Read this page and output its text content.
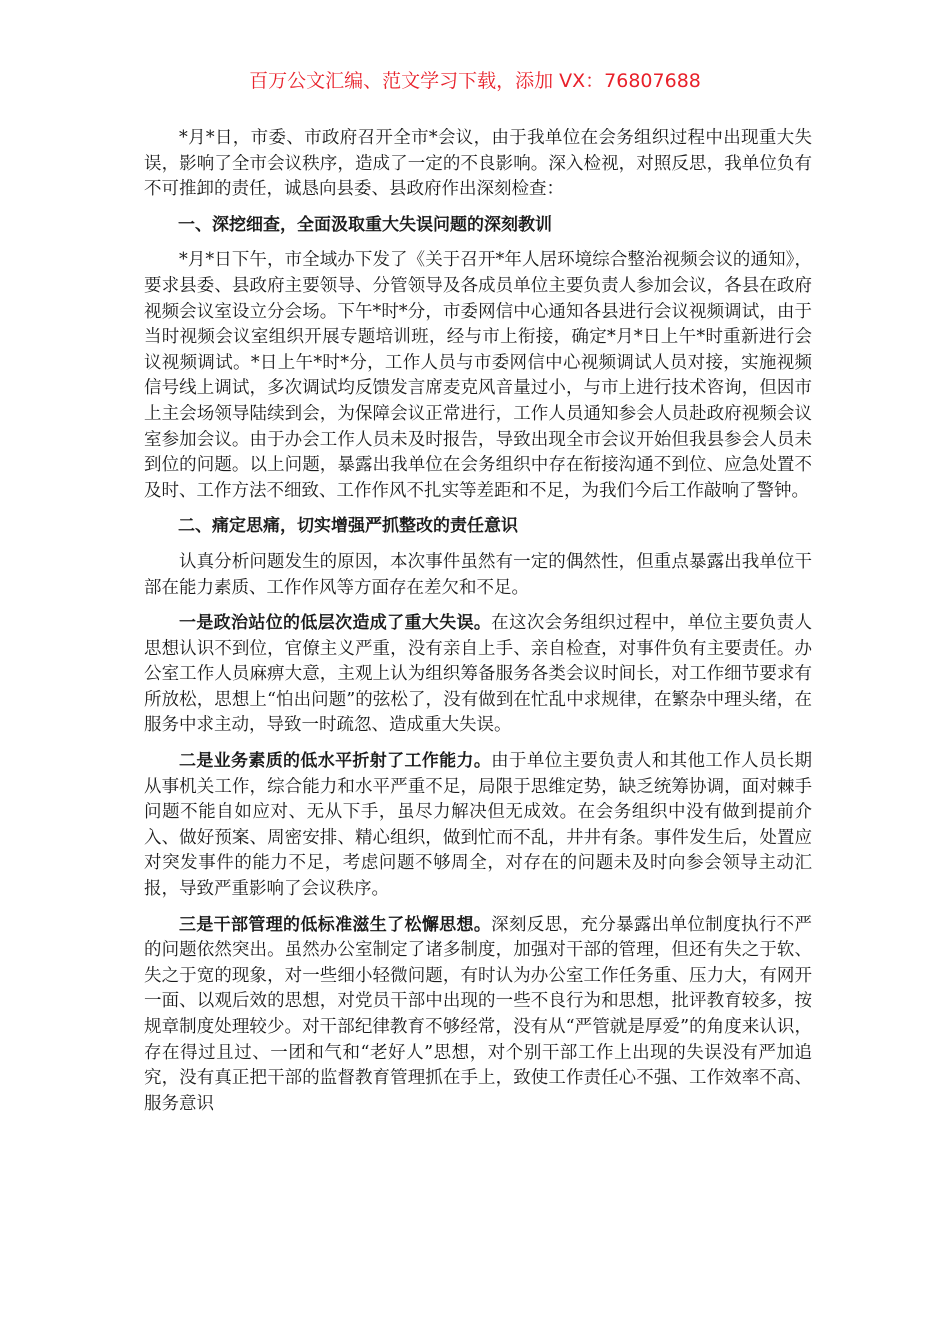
百万公文汇编、范文学习下载，添加 VX：76807688

*月*日，市委、市政府召开全市*会议，由于我单位在会务组织过程中出现重大失误，影响了全市会议秩序，造成了一定的不良影响。深入检视，对照反思，我单位负有不可推卸的责任，诚恳向县委、县政府作出深刻检查：

一、深挖细查，全面汲取重大失误问题的深刻教训

*月*日下午，市全域办下发了《关于召开*年人居环境综合整治视频会议的通知》，要求县委、县政府主要领导、分管领导及各成员单位主要负责人参加会议，各县在政府视频会议室设立分会场。下午*时*分，市委网信中心通知各县进行会议视频调试，由于当时视频会议室组织开展专题培训班，经与市上衔接，确定*月*日上午*时重新进行会议视频调试。*日上午*时*分，工作人员与市委网信中心视频调试人员对接，实施视频信号线上调试，多次调试均反馈发言席麦克风音量过小，与市上进行技术咨询，但因市上主会场领导陆续到会，为保障会议正常进行，工作人员通知参会人员赴政府视频会议室参加会议。由于办会工作人员未及时报告，导致出现全市会议开始但我县参会人员未到位的问题。以上问题，暴露出我单位在会务组织中存在衔接沟通不到位、应急处置不及时、工作方法不细致、工作作风不扎实等差距和不足，为我们今后工作敲响了警钟。

二、痛定思痛，切实增强严抓整改的责任意识

认真分析问题发生的原因，本次事件虽然有一定的偶然性，但重点暴露出我单位干部在能力素质、工作作风等方面存在差欠和不足。

一是政治站位的低层次造成了重大失误。在这次会务组织过程中，单位主要负责人思想认识不到位，官僚主义严重，没有亲自上手、亲自检查，对事件负有主要责任。办公室工作人员麻痹大意，主观上认为组织筹备服务各类会议时间长，对工作细节要求有所放松，思想上“怕出问题”的弦松了，没有做到在忙乱中求规律，在繁杂中理头绪，在服务中求主动，导致一时疏忽、造成重大失误。

二是业务素质的低水平折射了工作能力。由于单位主要负责人和其他工作人员长期从事机关工作，综合能力和水平严重不足，局限于思维定势，缺乏统筹协调，面对棘手问题不能自如应对、无从下手，虽尽力解决但无成效。在会务组织中没有做到提前介入、做好预案、周密安排、精心组织，做到忙而不乱，井井有条。事件发生后，处置应对突发事件的能力不足，考虑问题不够周全，对存在的问题未及时向参会领导主动汇报，导致严重影响了会议秩序。

三是干部管理的低标准滋生了松懈思想。深刻反思，充分暴露出单位制度执行不严的问题依然突出。虽然办公室制定了诸多制度，加强对干部的管理，但还有失之于软、失之于宽的现象，对一些细小轻微问题，有时认为办公室工作任务重、压力大，有网开一面、以观后效的思想，对党员干部中出现的一些不良行为和思想，批评教育较多，按规章制度处理较少。对干部纪律教育不够经常，没有从“严管就是厚爱”的角度来认识，存在得过且过、一团和气和“老好人”思想，对个别干部工作上出现的失误没有严加追究，没有真正把干部的监督教育管理抓在手上，致使工作责任心不强、工作效率不高、服务意识
